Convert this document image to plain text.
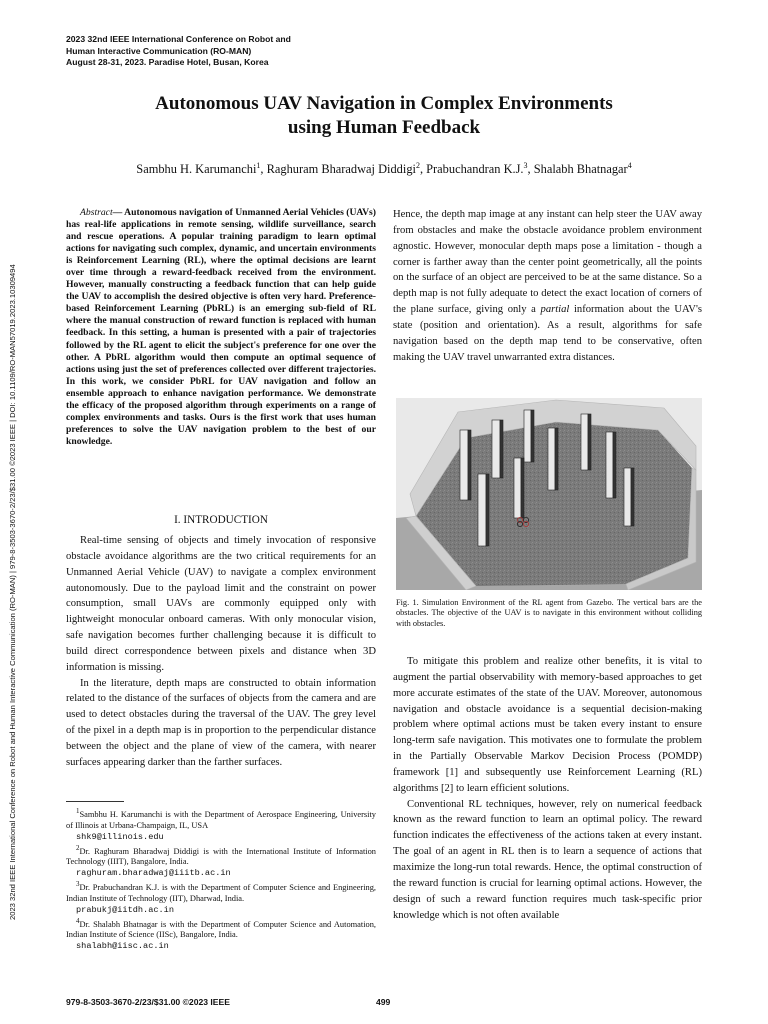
2023 32nd IEEE International Conference on Robot and
Human Interactive Communication (RO-MAN)
August 28-31, 2023. Paradise Hotel, Busan, Korea
2023 32nd IEEE International Conference on Robot and Human Interactive Communication (RO-MAN) | 979-8-3503-3670-2/23/$31.00 ©2023 IEEE | DOI: 10.1109/RO-MAN57019.2023.10309494
Autonomous UAV Navigation in Complex Environments
using Human Feedback
Sambhu H. Karumanchi$^1$, Raghuram Bharadwaj Diddigi$^2$, Prabuchandran K.J.$^3$, Shalabh Bhatnagar$^4$
Abstract— Autonomous navigation of Unmanned Aerial Vehicles (UAVs) has real-life applications in remote sensing, wildlife surveillance, search and rescue operations. A popular training paradigm to learn optimal actions for navigating such complex, dynamic, and uncertain environments is Reinforcement Learning (RL), where the optimal decisions are learnt over time through a reward-feedback received from the environment. However, manually constructing a feedback function that can help guide the UAV to accomplish the desired objective is often very hard. Preference-based Reinforcement Learning (PbRL) is an emerging sub-field of RL where the manual construction of reward function is replaced with human feedback. In this setting, a human is presented with a pair of trajectories followed by the RL agent to elicit the subject's preference for one over the other. A PbRL algorithm would then compute an optimal sequence of actions using just the set of preferences collected over different trajectories. In this work, we consider PbRL for UAV navigation and follow an ensemble approach to enhance navigation performance. We demonstrate the efficacy of the proposed algorithm through experiments on a range of complex environments and tasks. Ours is the first work that uses human preferences to solve the UAV navigation problem to the best of our knowledge.
I. INTRODUCTION

Real-time sensing of objects and timely invocation of responsive obstacle avoidance algorithms are the two critical requirements for an Unmanned Aerial Vehicle (UAV) to navigate a complex environment autonomously. Due to the payload limit and the constraint on power consumption, small UAVs are commonly equipped only with lightweight monocular onboard cameras. With only monocular vision, safe navigation becomes further challenging because it is difficult to build direct correspondence between pixels and distance when 3D information is missing.

In the literature, depth maps are constructed to obtain information related to the distance of the surfaces of objects from the camera and are used to detect obstacles during the traversal of the UAV. The grey level of the pixel in a depth map is in proportion to the perpendicular distance between the object and the plane of view of the camera, with nearer surfaces appearing darker than the farther surfaces.

$^1$Sambhu H. Karumanchi is with the Department of Aerospace Engineering, University of Illinois at Urbana-Champaign, IL, USA
shk9@illinois.edu
$^2$Dr. Raghuram Bharadwaj Diddigi is with the International Institute of Information Technology (IIIT), Bangalore, India.
raghuram.bharadwaj@iiitb.ac.in
$^3$Dr. Prabuchandran K.J. is with the Department of Computer Science and Engineering, Indian Institute of Technology (IIT), Dharwad, India.
prabukj@iitdh.ac.in
$^4$Dr. Shalabh Bhatnagar is with the Department of Computer Science and Automation, Indian Institute of Science (IISc), Bangalore, India.
shalabh@iisc.ac.in

Hence, the depth map image at any instant can help steer the UAV away from obstacles and make the obstacle avoidance problem environment agnostic. However, monocular depth maps pose a limitation - though a corner is farther away than the center point geometrically, all the points on the surface of an object are perceived to be at the same distance. So a depth map is not fully adequate to detect the exact location of corners of the plane surface, giving only a partial information about the UAV's state (position and orientation). As a result, algorithms for safe navigation based on the depth map tend to be conservative, often making the UAV travel unwarranted extra distances.

Fig. 1. Simulation Environment of the RL agent from Gazebo. The vertical bars are the obstacles. The objective of the UAV is to navigate in this environment without colliding with obstacles.

To mitigate this problem and realize other benefits, it is vital to augment the partial observability with memory-based approaches to get more accurate estimates of the state of the UAV. Moreover, autonomous navigation and obstacle avoidance is a sequential decision-making problem where optimal actions must be taken every instant to ensure long-term safe navigation. This motivates one to formulate the problem in the Partially Observable Markov Decision Process (POMDP) framework [1] and subsequently use Reinforcement Learning (RL) algorithms [2] to learn efficient solutions.

Conventional RL techniques, however, rely on numerical feedback known as the reward function to learn an optimal policy. The reward function indicates the effectiveness of the actions taken at every instant. The goal of an agent in RL then is to learn a sequence of actions that maximize the long-run total rewards. Hence, the optimal construction of the reward function is crucial for learning optimal actions. However, the design of such a reward function requires much task-specific prior knowledge which is not often available

979-8-3503-3670-2/23/$31.00 ©2023 IEEE	499
